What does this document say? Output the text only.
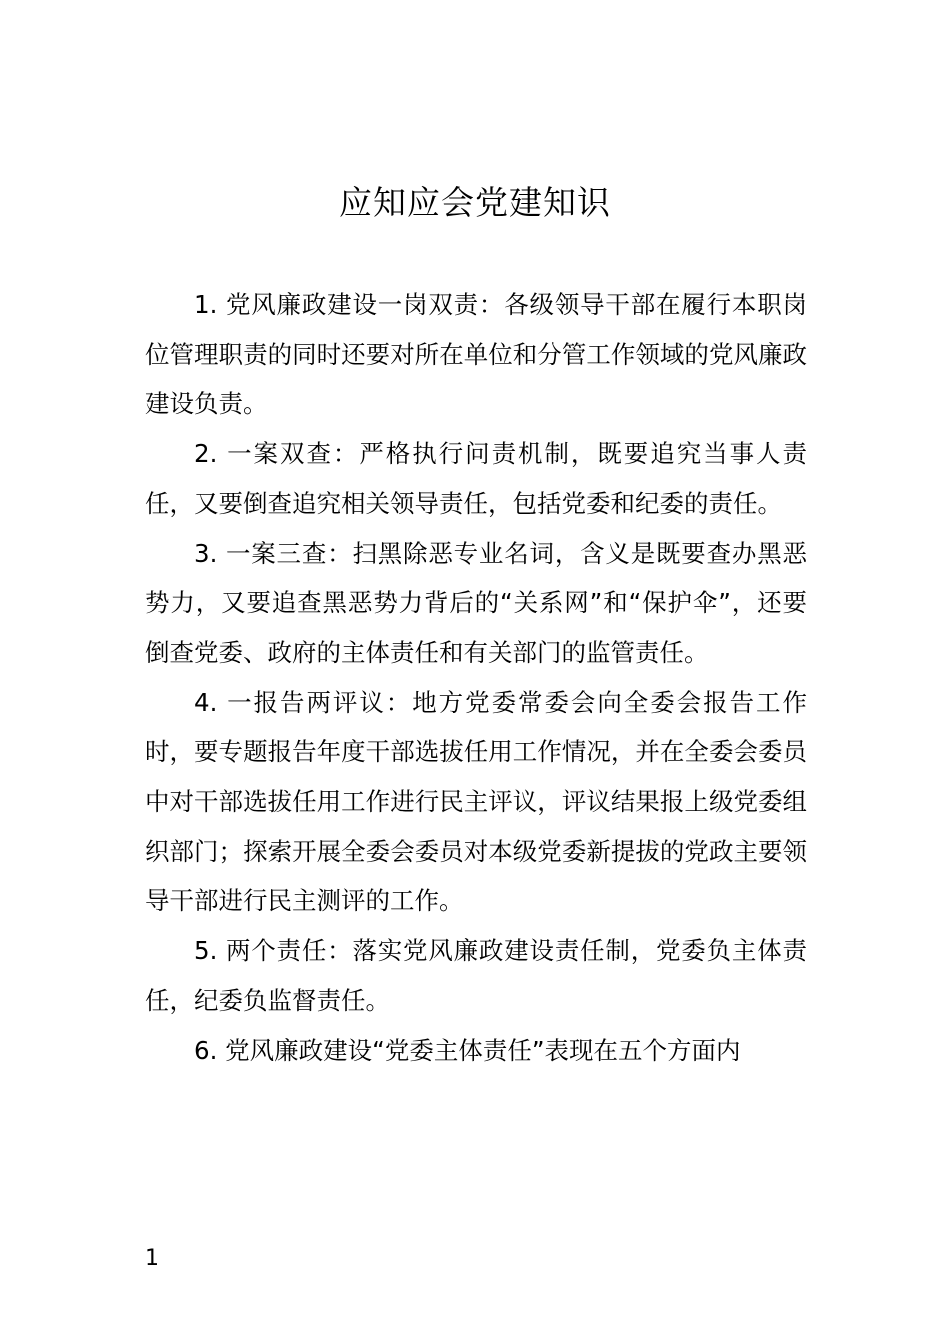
应知应会党建知识

1. 党风廉政建设一岗双责：各级领导干部在履行本职岗位管理职责的同时还要对所在单位和分管工作领域的党风廉政建设负责。

2. 一案双查：严格执行问责机制，既要追究当事人责任，又要倒查追究相关领导责任，包括党委和纪委的责任。

3. 一案三查：扫黑除恶专业名词，含义是既要查办黑恶势力，又要追查黑恶势力背后的“关系网”和“保护伞”，还要倒查党委、政府的主体责任和有关部门的监管责任。

4. 一报告两评议：地方党委常委会向全委会报告工作时，要专题报告年度干部选拔任用工作情况，并在全委会委员中对干部选拔任用工作进行民主评议，评议结果报上级党委组织部门；探索开展全委会委员对本级党委新提拔的党政主要领导干部进行民主测评的工作。

5. 两个责任：落实党风廉政建设责任制，党委负主体责任，纪委负监督责任。

6. 党风廉政建设“党委主体责任”表现在五个方面内

1
